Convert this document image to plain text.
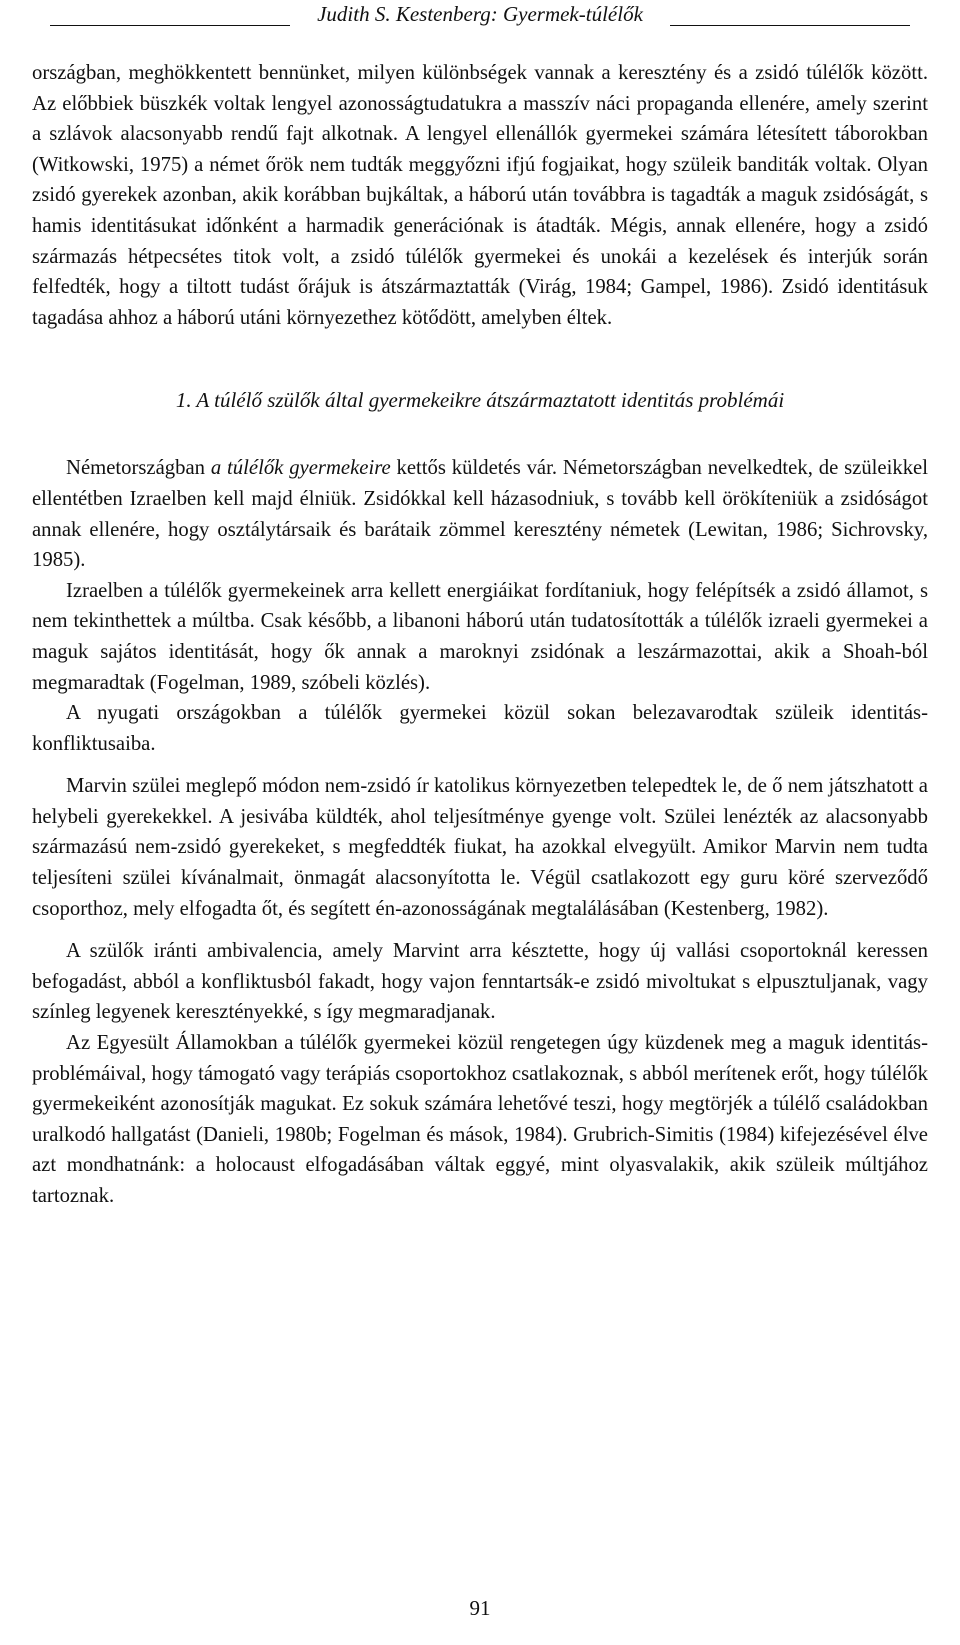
Judith S. Kestenberg: Gyermek-túlélők

országban, meghökkentett bennünket, milyen különbségek vannak a keresztény és a zsidó túlélők között. Az előbbiek büszkék voltak lengyel azonosságtudatukra a masszív náci propaganda ellenére, amely szerint a szlávok alacsonyabb rendű fajt alkotnak. A lengyel ellenállók gyermekei számára létesített táborokban (Witkowski, 1975) a német őrök nem tudták meggyőzni ifjú fogjaikat, hogy szüleik banditák voltak. Olyan zsidó gyerekek azonban, akik korábban bujkáltak, a háború után továbbra is tagadták a maguk zsidóságát, s hamis identitásukat időnként a harmadik generációnak is átadták. Mégis, annak ellenére, hogy a zsidó származás hétpecsétes titok volt, a zsidó túlélők gyermekei és unokái a kezelések és interjúk során felfedték, hogy a tiltott tudást őrájuk is átszármaztatták (Virág, 1984; Gampel, 1986). Zsidó identitásuk tagadása ahhoz a háború utáni környezethez kötődött, amelyben éltek.

1. A túlélő szülők által gyermekeikre átszármaztatott identitás problémái

Németországban a túlélők gyermekeire kettős küldetés vár. Németországban nevelkedtek, de szüleikkel ellentétben Izraelben kell majd élniük. Zsidókkal kell házasodniuk, s tovább kell örökíteniük a zsidóságot annak ellenére, hogy osztálytársaik és barátaik zömmel keresztény németek (Lewitan, 1986; Sichrovsky, 1985).

Izraelben a túlélők gyermekeinek arra kellett energiáikat fordítaniuk, hogy felépítsék a zsidó államot, s nem tekinthettek a múltba. Csak később, a libanoni háború után tudatosították a túlélők izraeli gyermekei a maguk sajátos identitását, hogy ők annak a maroknyi zsidónak a leszármazottai, akik a Shoah-ból megmaradtak (Fogelman, 1989, szóbeli közlés).

A nyugati országokban a túlélők gyermekei közül sokan belezavarodtak szüleik identitás-konfliktusaiba.

Marvin szülei meglepő módon nem-zsidó ír katolikus környezetben telepedtek le, de ő nem játszhatott a helybeli gyerekekkel. A jesivába küldték, ahol teljesítménye gyenge volt. Szülei lenézték az alacsonyabb származású nem-zsidó gyerekeket, s megfeddték fiukat, ha azokkal elvegyült. Amikor Marvin nem tudta teljesíteni szülei kívánalmait, önmagát alacsonyította le. Végül csatlakozott egy guru köré szerveződő csoporthoz, mely elfogadta őt, és segített én-azonosságának megtalálásában (Kestenberg, 1982).

A szülők iránti ambivalencia, amely Marvint arra késztette, hogy új vallási csoportoknál keressen befogadást, abból a konfliktusból fakadt, hogy vajon fenntartsák-e zsidó mivoltukat s elpusztuljanak, vagy színleg legyenek keresztényekké, s így megmaradjanak.

Az Egyesült Államokban a túlélők gyermekei közül rengetegen úgy küzdenek meg a maguk identitás-problémáival, hogy támogató vagy terápiás csoportokhoz csatlakoznak, s abból merítenek erőt, hogy túlélők gyermekeiként azonosítják magukat. Ez sokuk számára lehetővé teszi, hogy megtörjék a túlélő családokban uralkodó hallgatást (Danieli, 1980b; Fogelman és mások, 1984). Grubrich-Simitis (1984) kifejezésével élve azt mondhatnánk: a holocaust elfogadásában váltak eggyé, mint olyasvalakik, akik szüleik múltjához tartoznak.

91
